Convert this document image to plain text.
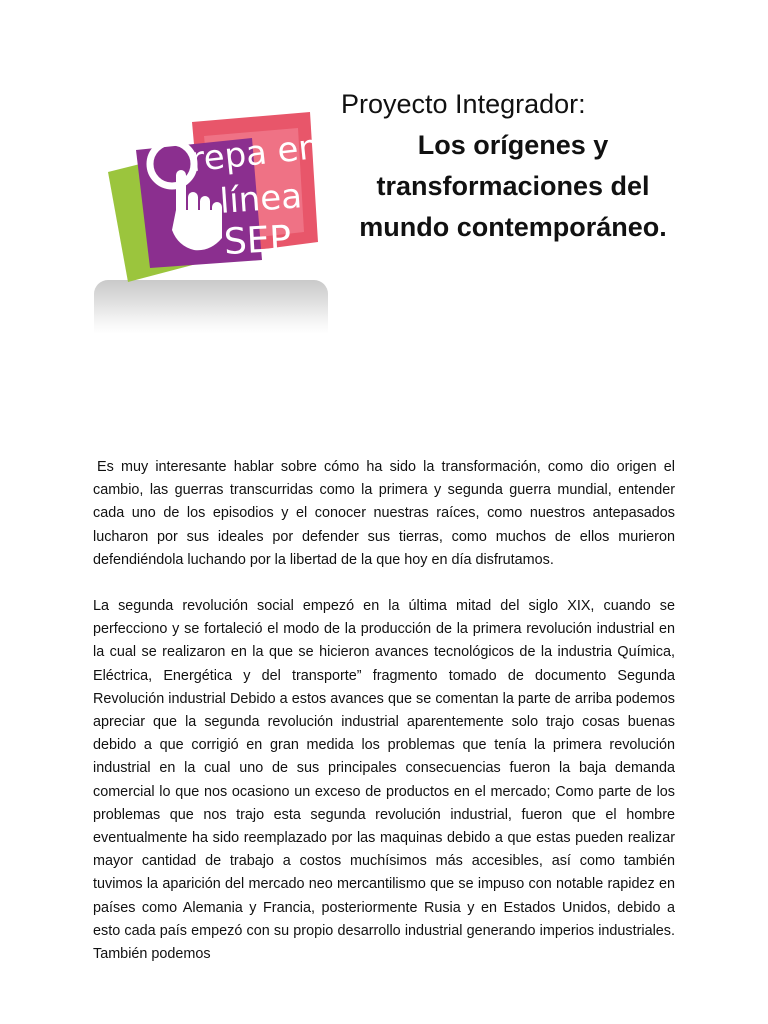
repa en
línea
SEP
Proyecto Integrador:
Los orígenes y transformaciones del mundo contemporáneo.

Es muy interesante hablar sobre cómo ha sido la transformación, como dio origen el cambio, las guerras transcurridas como la primera y segunda guerra mundial, entender cada uno de los episodios y el conocer nuestras raíces, como nuestros antepasados lucharon por sus ideales por defender sus tierras, como muchos de ellos murieron defendiéndola luchando por la libertad de la que hoy en día disfrutamos.

La segunda revolución social empezó en la última mitad del siglo XIX, cuando se perfecciono y se fortaleció el modo de la producción de la primera revolución industrial en la cual se realizaron en la que se hicieron avances tecnológicos de la industria Química, Eléctrica, Energética y del transporte” fragmento tomado de documento Segunda Revolución industrial Debido a estos avances que se comentan la parte de arriba podemos apreciar que la segunda revolución industrial aparentemente solo trajo cosas buenas debido a que corrigió en gran medida los problemas que tenía la primera revolución industrial en la cual uno de sus principales consecuencias fueron la baja demanda comercial lo que nos ocasiono un exceso de productos en el mercado; Como parte de los problemas que nos trajo esta segunda revolución industrial, fueron que el hombre eventualmente ha sido reemplazado por las maquinas debido a que estas pueden realizar mayor cantidad de trabajo a costos muchísimos más accesibles, así como también tuvimos la aparición del mercado neo mercantilismo que se impuso con notable rapidez en países como Alemania y Francia, posteriormente Rusia y en Estados Unidos, debido a esto cada país empezó con su propio desarrollo industrial generando imperios industriales. También podemos
